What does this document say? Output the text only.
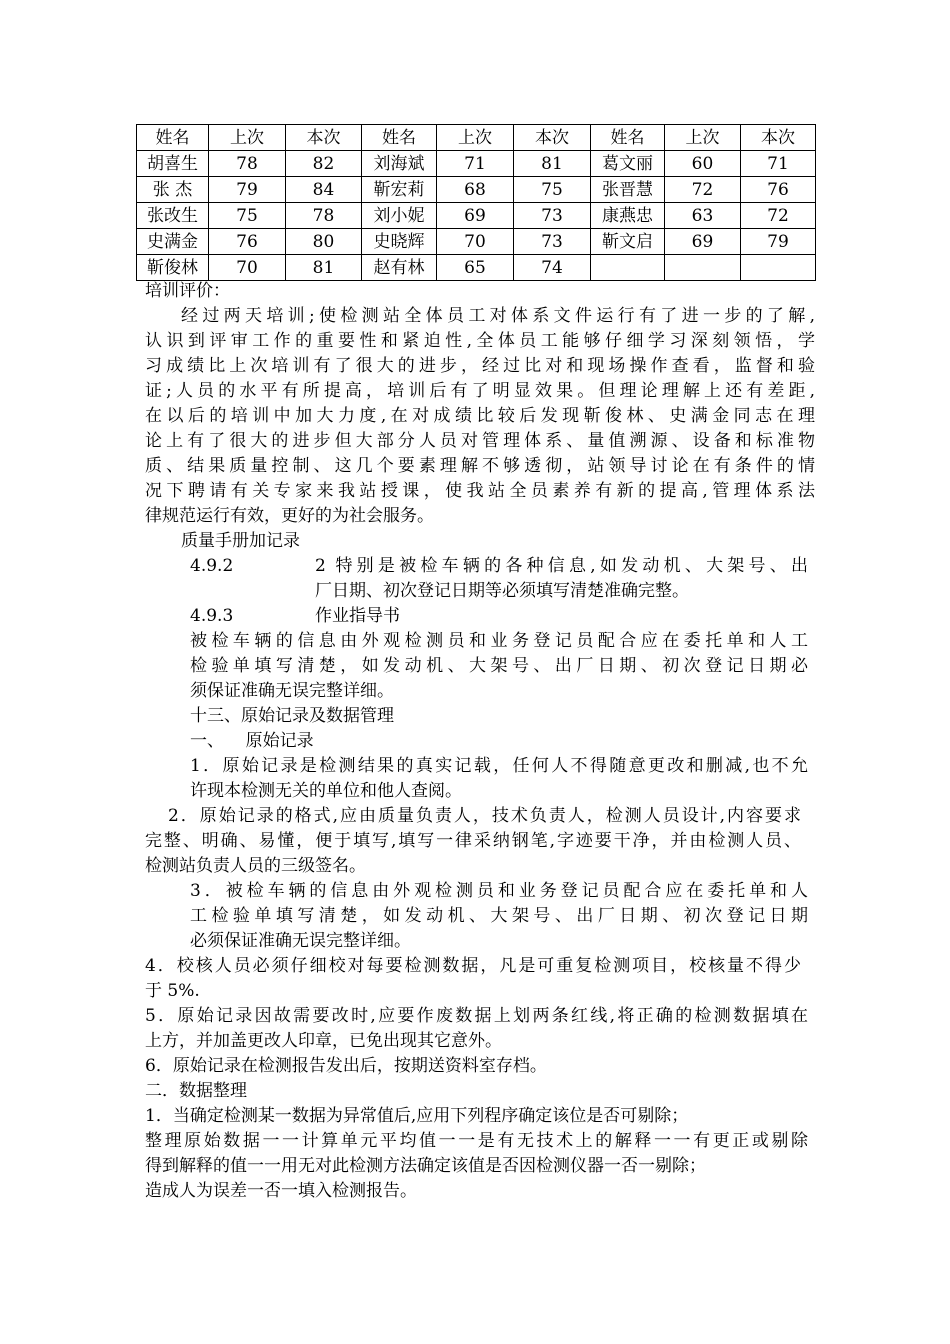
姓名	上次	本次	姓名	上次	本次	姓名	上次	本次
胡喜生	78	82	刘海斌	71	81	葛文丽	60	71
张 杰	79	84	靳宏莉	68	75	张晋慧	72	76
张改生	75	78	刘小妮	69	73	康燕忠	63	72
史满金	76	80	史晓辉	70	73	靳文启	69	79
靳俊林	70	81	赵有林	65	74			
培训评价：
经过两天培训;使检测站全体员工对体系文件运行有了进一步的了解,
认识到评审工作的重要性和紧迫性,全体员工能够仔细学习深刻领悟，学
习成绩比上次培训有了很大的进步，经过比对和现场操作查看，监督和验
证;人员的水平有所提高，培训后有了明显效果。但理论理解上还有差距,
在以后的培训中加大力度,在对成绩比较后发现靳俊林、史满金同志在理
论上有了很大的进步但大部分人员对管理体系、量值溯源、设备和标准物
质、结果质量控制、这几个要素理解不够透彻，站领导讨论在有条件的情
况下聘请有关专家来我站授课，使我站全员素养有新的提高,管理体系法
律规范运行有效，更好的为社会服务。
质量手册加记录
4.9.2	2 特别是被检车辆的各种信息,如发动机、大架号、出
厂日期、初次登记日期等必须填写清楚准确完整。
4.9.3	作业指导书
被检车辆的信息由外观检测员和业务登记员配合应在委托单和人工
检验单填写清楚，如发动机、大架号、出厂日期、初次登记日期必
须保证准确无误完整详细。
十三、原始记录及数据管理
一、    原始记录
1．原始记录是检测结果的真实记载，任何人不得随意更改和删减,也不允
许现本检测无关的单位和他人查阅。
2．原始记录的格式,应由质量负责人，技术负责人，检测人员设计,内容要求
完整、明确、易懂，便于填写,填写一律采纳钢笔,字迹要干净，并由检测人员、
检测站负责人员的三级签名。
3．被检车辆的信息由外观检测员和业务登记员配合应在委托单和人
工检验单填写清楚，如发动机、大架号、出厂日期、初次登记日期
必须保证准确无误完整详细。
4．校核人员必须仔细校对每要检测数据，凡是可重复检测项目，校核量不得少
于 5%.
5．原始记录因故需要改时,应要作废数据上划两条红线,将正确的检测数据填在
上方，并加盖更改人印章，已免出现其它意外。
6．原始记录在检测报告发出后，按期送资料室存档。
二．数据整理
1．当确定检测某一数据为异常值后,应用下列程序确定该位是否可剔除；
整理原始数据一一计算单元平均值一一是有无技术上的解释一一有更正或剔除
得到解释的值一一用无对此检测方法确定该值是否因检测仪器一否一剔除；
造成人为误差一否一填入检测报告。
